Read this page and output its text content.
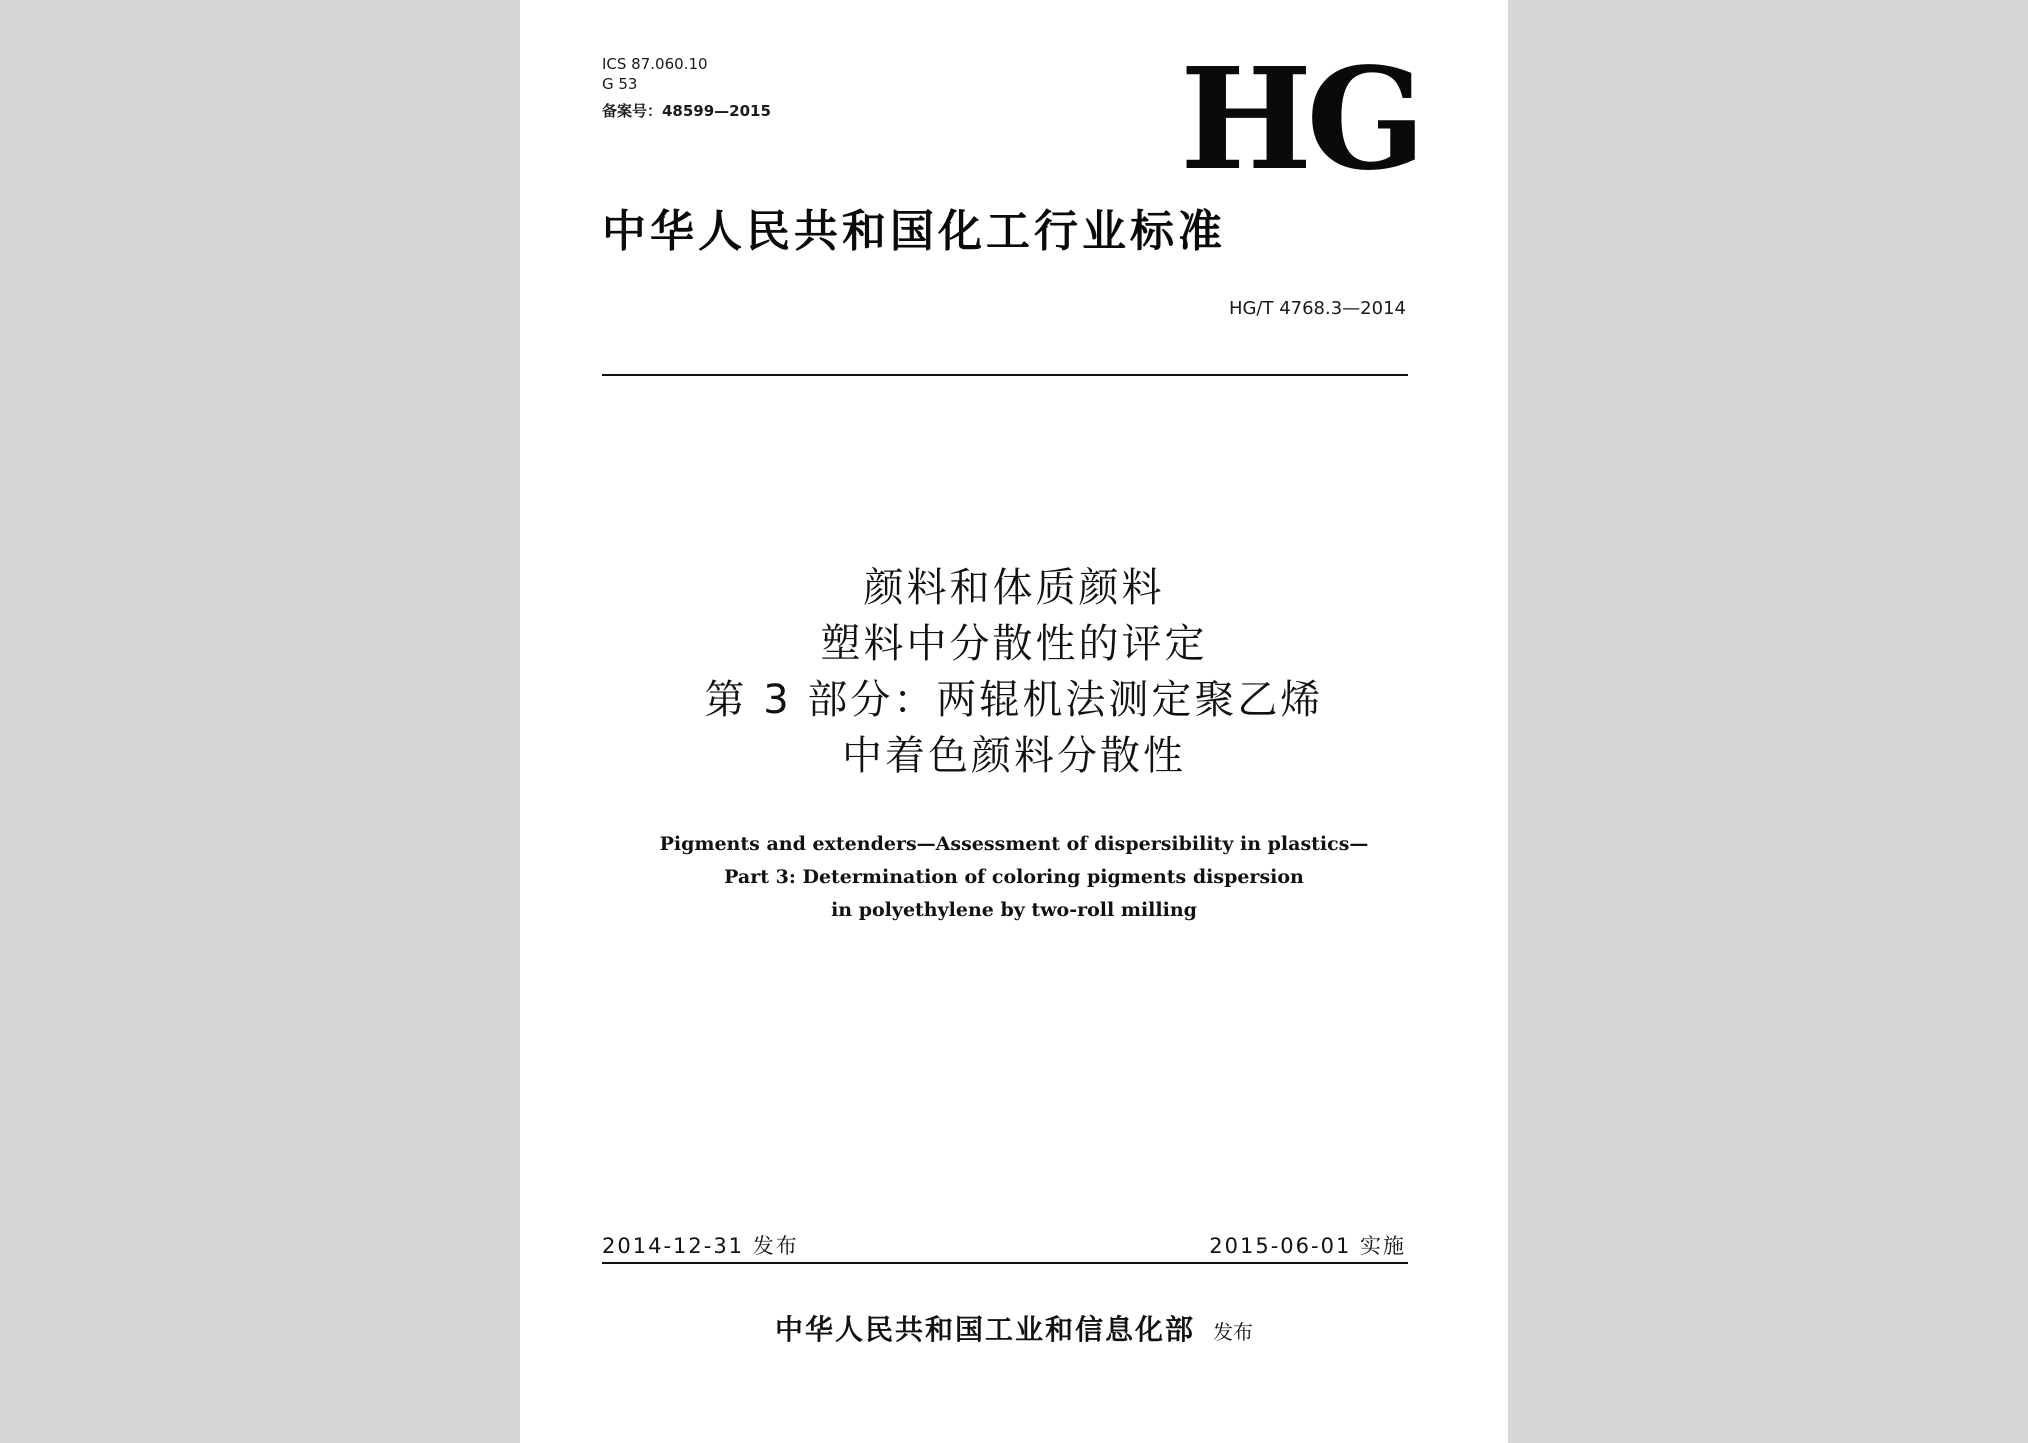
ICS 87.060.10
G 53
备案号：48599—2015	HG
中华人民共和国化工行业标准
HG/T 4768.3—2014
颜料和体质颜料
塑料中分散性的评定
第 3 部分：两辊机法测定聚乙烯
中着色颜料分散性
Pigments and extenders—Assessment of dispersibility in plastics—
Part 3: Determination of coloring pigments dispersion
in polyethylene by two-roll milling
2014-12-31 发布	2015-06-01 实施
中华人民共和国工业和信息化部 发布
